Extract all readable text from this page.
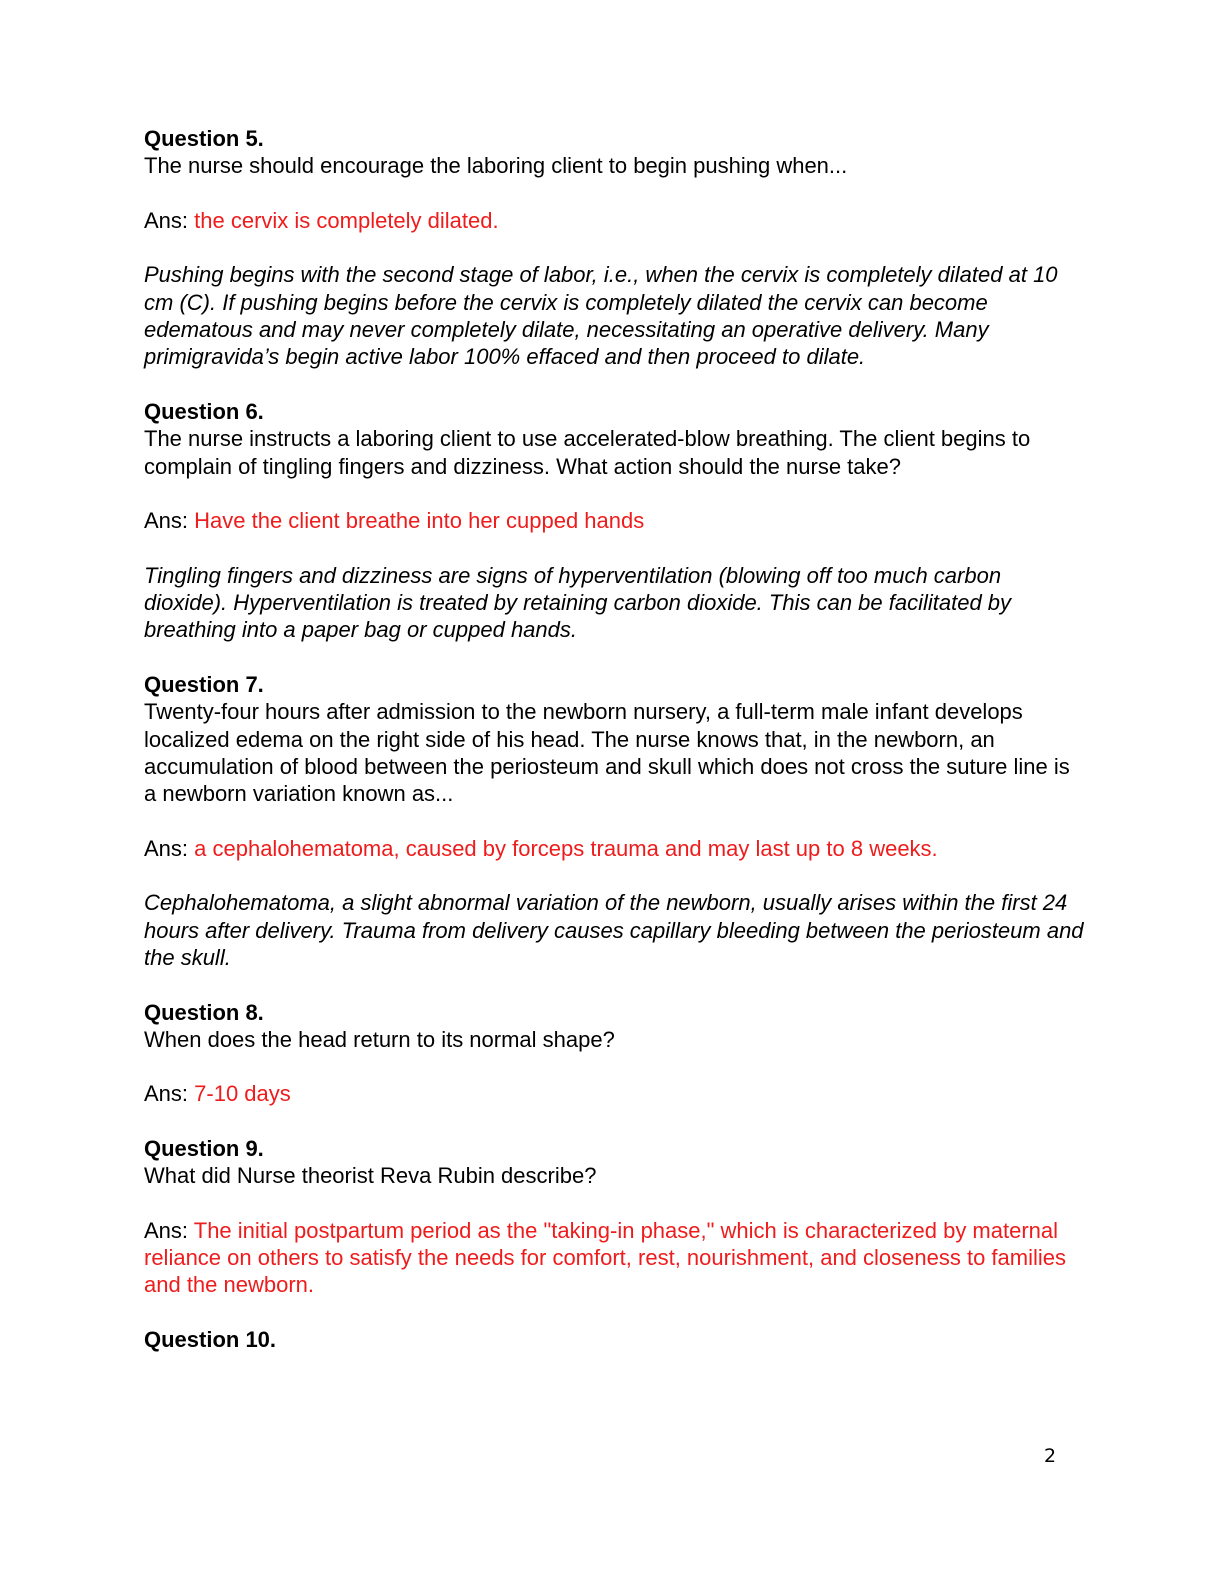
Question 5.
The nurse should encourage the laboring client to begin pushing when...
Ans: the cervix is completely dilated.
Pushing begins with the second stage of labor, i.e., when the cervix is completely dilated at 10 cm (C). If pushing begins before the cervix is completely dilated the cervix can become edematous and may never completely dilate, necessitating an operative delivery. Many primigravida’s begin active labor 100% effaced and then proceed to dilate.
Question 6.
The nurse instructs a laboring client to use accelerated-blow breathing. The client begins to complain of tingling fingers and dizziness. What action should the nurse take?
Ans: Have the client breathe into her cupped hands
Tingling fingers and dizziness are signs of hyperventilation (blowing off too much carbon dioxide). Hyperventilation is treated by retaining carbon dioxide. This can be facilitated by breathing into a paper bag or cupped hands.
Question 7.
Twenty-four hours after admission to the newborn nursery, a full-term male infant develops localized edema on the right side of his head. The nurse knows that, in the newborn, an accumulation of blood between the periosteum and skull which does not cross the suture line is a newborn variation known as...
Ans: a cephalohematoma, caused by forceps trauma and may last up to 8 weeks.
Cephalohematoma, a slight abnormal variation of the newborn, usually arises within the first 24 hours after delivery. Trauma from delivery causes capillary bleeding between the periosteum and the skull.
Question 8.
When does the head return to its normal shape?
Ans: 7-10 days
Question 9.
What did Nurse theorist Reva Rubin describe?
Ans: The initial postpartum period as the "taking-in phase," which is characterized by maternal reliance on others to satisfy the needs for comfort, rest, nourishment, and closeness to families and the newborn.
Question 10.
2
